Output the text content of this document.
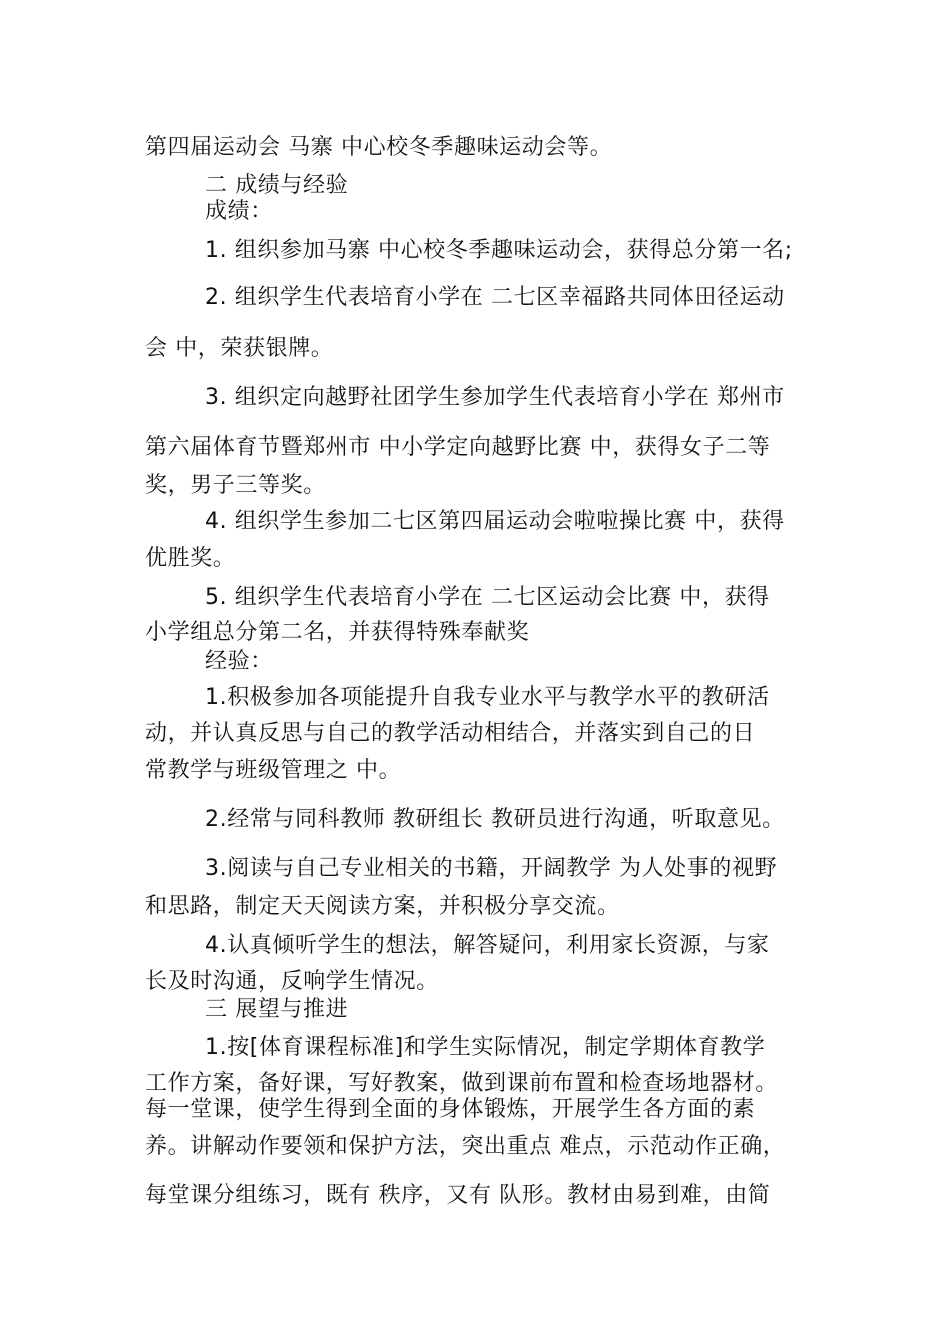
第四届运动会 马寨 中心校冬季趣味运动会等。
二 成绩与经验
成绩：
1. 组织参加马寨 中心校冬季趣味运动会，获得总分第一名;
2. 组织学生代表培育小学在 二七区幸福路共同体田径运动
会 中，荣获银牌。
3. 组织定向越野社团学生参加学生代表培育小学在 郑州市
第六届体育节暨郑州市 中小学定向越野比赛 中，获得女子二等
奖，男子三等奖。
4. 组织学生参加二七区第四届运动会啦啦操比赛 中，获得
优胜奖。
5. 组织学生代表培育小学在 二七区运动会比赛 中，获得
小学组总分第二名，并获得特殊奉献奖
经验：
1.积极参加各项能提升自我专业水平与教学水平的教研活
动，并认真反思与自己的教学活动相结合，并落实到自己的日
常教学与班级管理之 中。
2.经常与同科教师 教研组长 教研员进行沟通，听取意见。
3.阅读与自己专业相关的书籍，开阔教学 为人处事的视野
和思路，制定天天阅读方案，并积极分享交流。
4.认真倾听学生的想法，解答疑问，利用家长资源，与家
长及时沟通，反响学生情况。
三 展望与推进
1.按[体育课程标准]和学生实际情况，制定学期体育教学
工作方案，备好课，写好教案，做到课前布置和检查场地器材。
每一堂课，使学生得到全面的身体锻炼，开展学生各方面的素
养。讲解动作要领和保护方法，突出重点 难点，示范动作正确，
每堂课分组练习，既有 秩序，又有 队形。教材由易到难，由简
